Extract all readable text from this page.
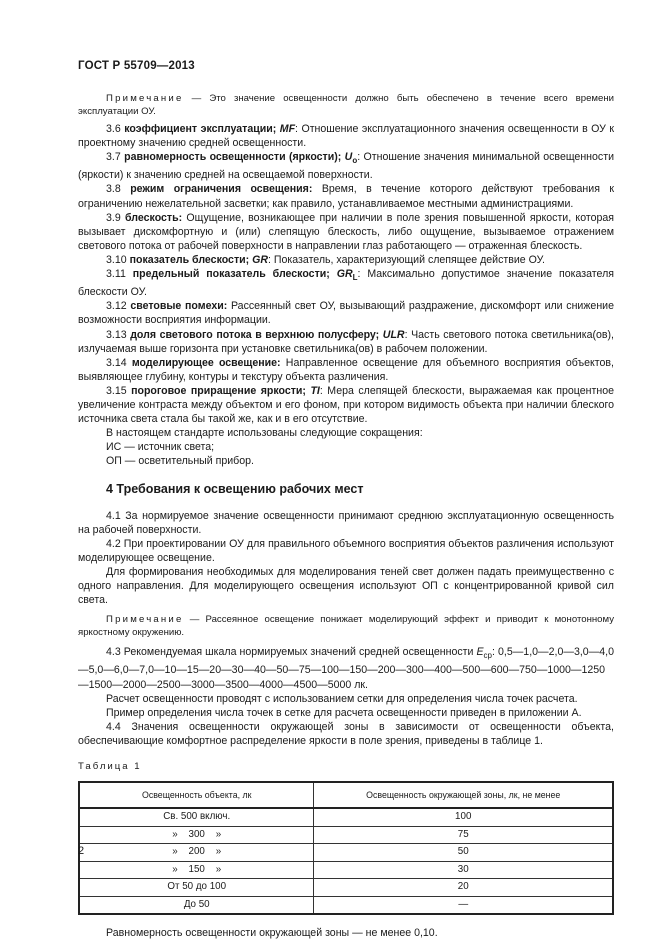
ГОСТ Р 55709—2013

Примечание — Это значение освещенности должно быть обеспечено в течение всего времени эксплуатации ОУ.

3.6 коэффициент эксплуатации; MF: Отношение эксплуатационного значения освещенности в ОУ к проектному значению средней освещенности.

3.7 равномерность освещенности (яркости); $U_o$: Отношение значения минимальной освещенности (яркости) к значению средней на освещаемой поверхности.

3.8 режим ограничения освещения: Время, в течение которого действуют требования к ограничению нежелательной засветки; как правило, устанавливаемое местными администрациями.

3.9 блескость: Ощущение, возникающее при наличии в поле зрения повышенной яркости, которая вызывает дискомфортную и (или) слепящую блескость, либо ощущение, вызываемое отражением светового потока от рабочей поверхности в направлении глаз работающего — отраженная блескость.

3.10 показатель блескости; GR: Показатель, характеризующий слепящее действие ОУ.

3.11 предельный показатель блескости; $GR_L$: Максимально допустимое значение показателя блескости ОУ.

3.12 световые помехи: Рассеянный свет ОУ, вызывающий раздражение, дискомфорт или снижение возможности восприятия информации.

3.13 доля светового потока в верхнюю полусферу; ULR: Часть светового потока светильника(ов), излучаемая выше горизонта при установке светильника(ов) в рабочем положении.

3.14 моделирующее освещение: Направленное освещение для объемного восприятия объектов, выявляющее глубину, контуры и текстуру объекта различения.

3.15 пороговое приращение яркости; TI: Мера слепящей блескости, выражаемая как процентное увеличение контраста между объектом и его фоном, при котором видимость объекта при наличии блеского источника света стала бы такой же, как и в его отсутствие.

В настоящем стандарте использованы следующие сокращения:

ИС — источник света;

ОП — осветительный прибор.

4 Требования к освещению рабочих мест

4.1 За нормируемое значение освещенности принимают среднюю эксплуатационную освещенность на рабочей поверхности.

4.2 При проектировании ОУ для правильного объемного восприятия объектов различения используют моделирующее освещение.

Для формирования необходимых для моделирования теней свет должен падать преимущественно с одного направления. Для моделирующего освещения используют ОП с концентрированной кривой сил света.

Примечание — Рассеянное освещение понижает моделирующий эффект и приводит к монотонному яркостному окружению.

4.3 Рекомендуемая шкала нормируемых значений средней освещенности $E_{ср}$: 0,5—1,0—2,0—3,0—4,0—5,0—6,0—7,0—10—15—20—30—40—50—75—100—150—200—300—400—500—600—750—1000—1250—1500—2000—2500—3000—3500—4000—4500—5000 лк.

Расчет освещенности проводят с использованием сетки для определения числа точек расчета.

Пример определения числа точек в сетке для расчета освещенности приведен в приложении А.

4.4 Значения освещенности окружающей зоны в зависимости от освещенности объекта, обеспечивающие комфортное распределение яркости в поле зрения, приведены в таблице 1.

Таблица 1
Освещенность объекта, лк	Освещенность окружающей зоны, лк, не менее
Св. 500 включ.	100
»    300    »	75
»    200    »	50
»    150    »	30
От 50 до 100	20
До 50	—

Равномерность освещенности окружающей зоны — не менее 0,10.

2
